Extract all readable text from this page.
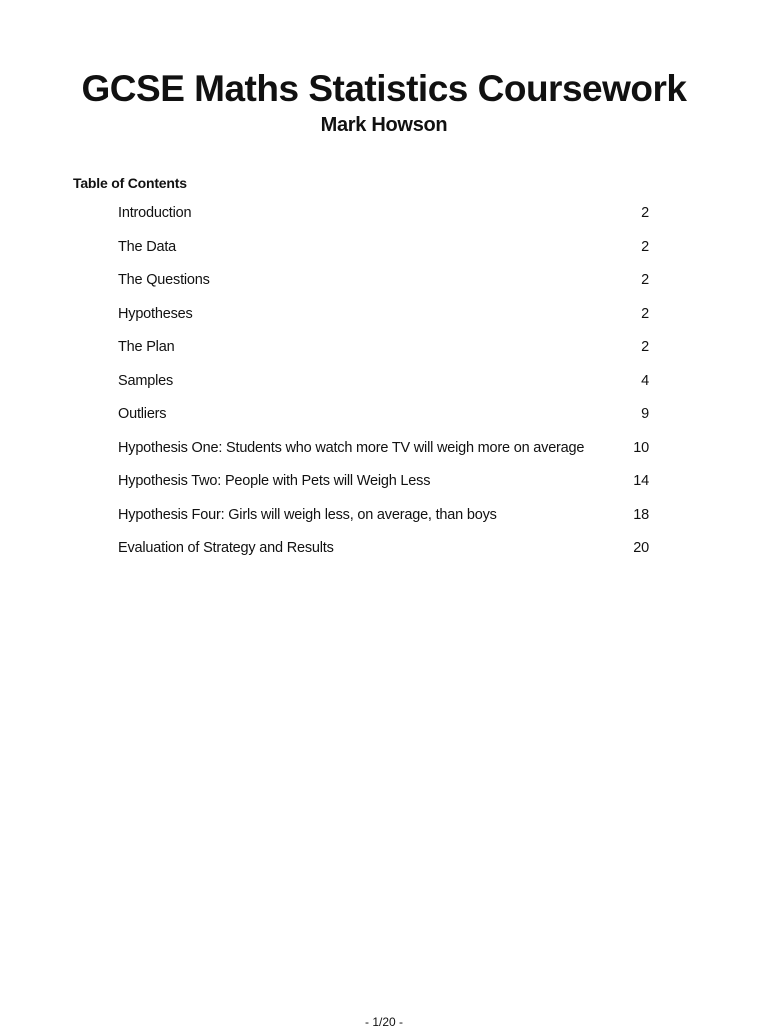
GCSE Maths Statistics Coursework
Mark Howson
Table of Contents
Introduction	2
The Data	2
The Questions	2
Hypotheses	2
The Plan	2
Samples	4
Outliers	9
Hypothesis One: Students who watch more TV will weigh more on average	10
Hypothesis Two: People with Pets will Weigh Less	14
Hypothesis Four: Girls will weigh less, on average, than boys	18
Evaluation of Strategy and Results	20
- 1/20 -
